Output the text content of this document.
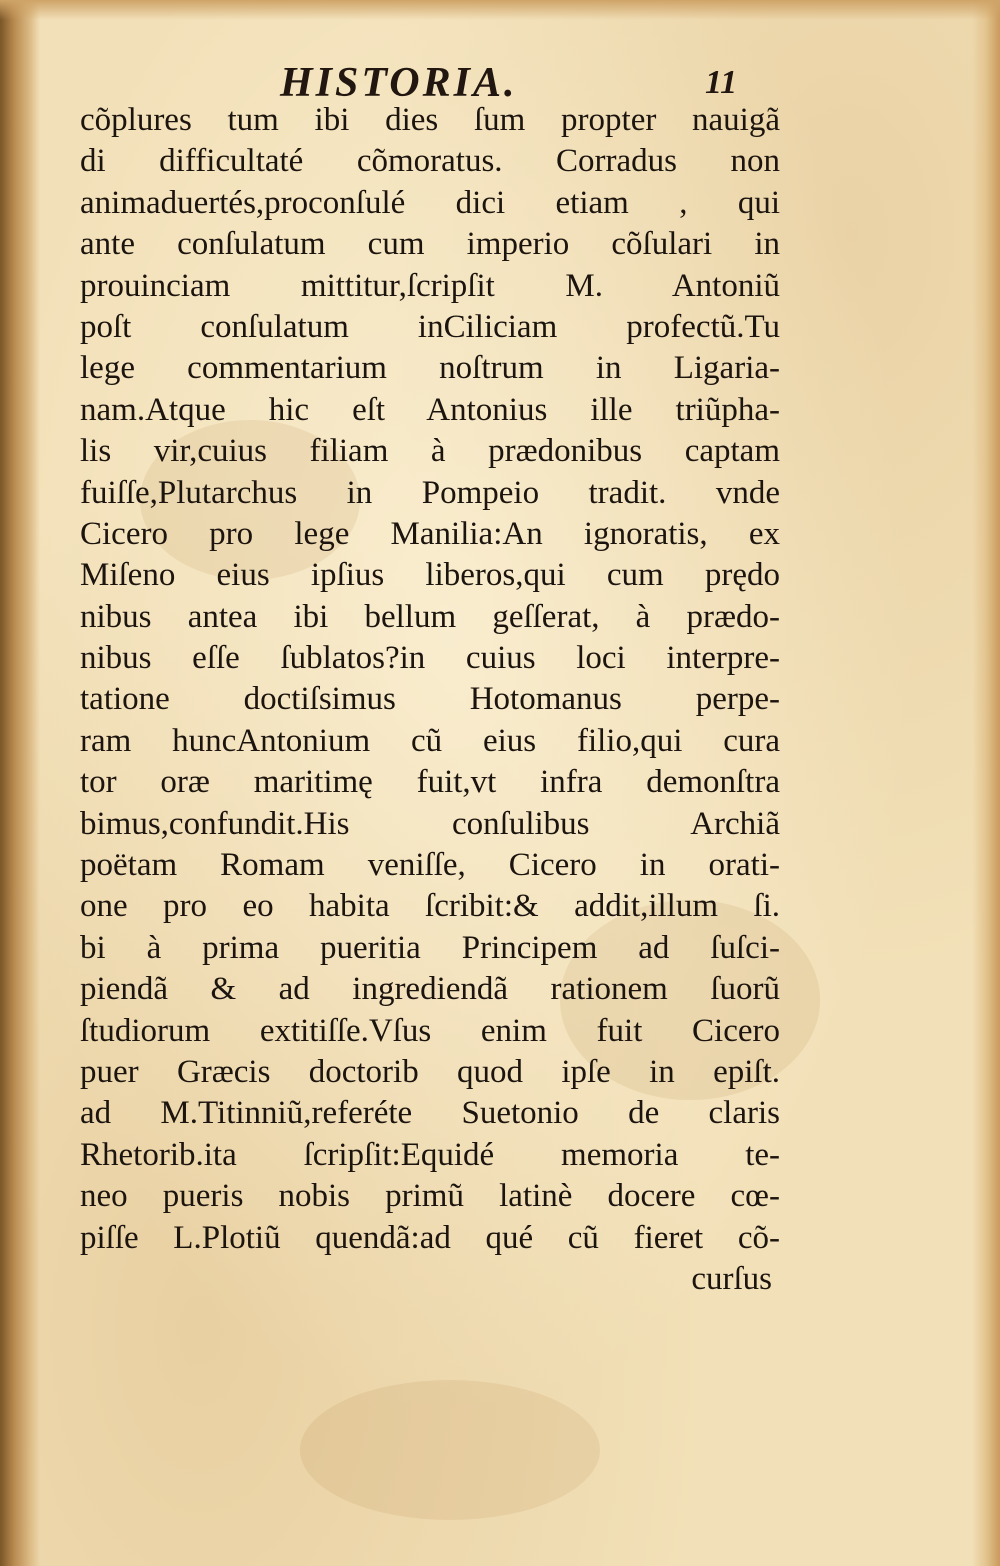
HISTORIA.	11
cõplures tum ibi dies ſum propter nauigã
di difficultaté cõmoratus. Corradus non
animaduertés,proconſulé dici etiam , qui
ante conſulatum cum imperio cõſulari in
prouinciam mittitur,ſcripſit M. Antoniũ
poſt conſulatum inCiliciam profectũ.Tu
lege commentarium noſtrum in Ligaria-
nam.Atque hic eſt Antonius ille triũpha-
lis vir,cuius filiam à prædonibus captam
fuiſſe,Plutarchus in Pompeio tradit. vnde
Cicero pro lege Manilia:An ignoratis, ex
Miſeno eius ipſius liberos,qui cum prędo
nibus antea ibi bellum geſſerat, à prædo-
nibus eſſe ſublatos?in cuius loci interpre-
tatione doctiſsimus Hotomanus perpe-
ram huncAntonium cũ eius filio,qui cura
tor oræ maritimę fuit,vt infra demonſtra
bimus,confundit.His conſulibus Archiã
poëtam Romam veniſſe, Cicero in orati-
one pro eo habita ſcribit:& addit,illum ſi.
bi à prima pueritia Principem ad ſuſci-
piendã & ad ingrediendã rationem ſuorũ
ſtudiorum extitiſſe.Vſus enim fuit Cicero
puer Græcis doctorib quod ipſe in epiſt.
ad M.Titinniũ,referéte Suetonio de claris
Rhetorib.ita ſcripſit:Equidé memoria te-
neo pueris nobis primũ latinè docere cœ-
piſſe L.Plotiũ quendã:ad qué cũ fieret cõ-
curſus
